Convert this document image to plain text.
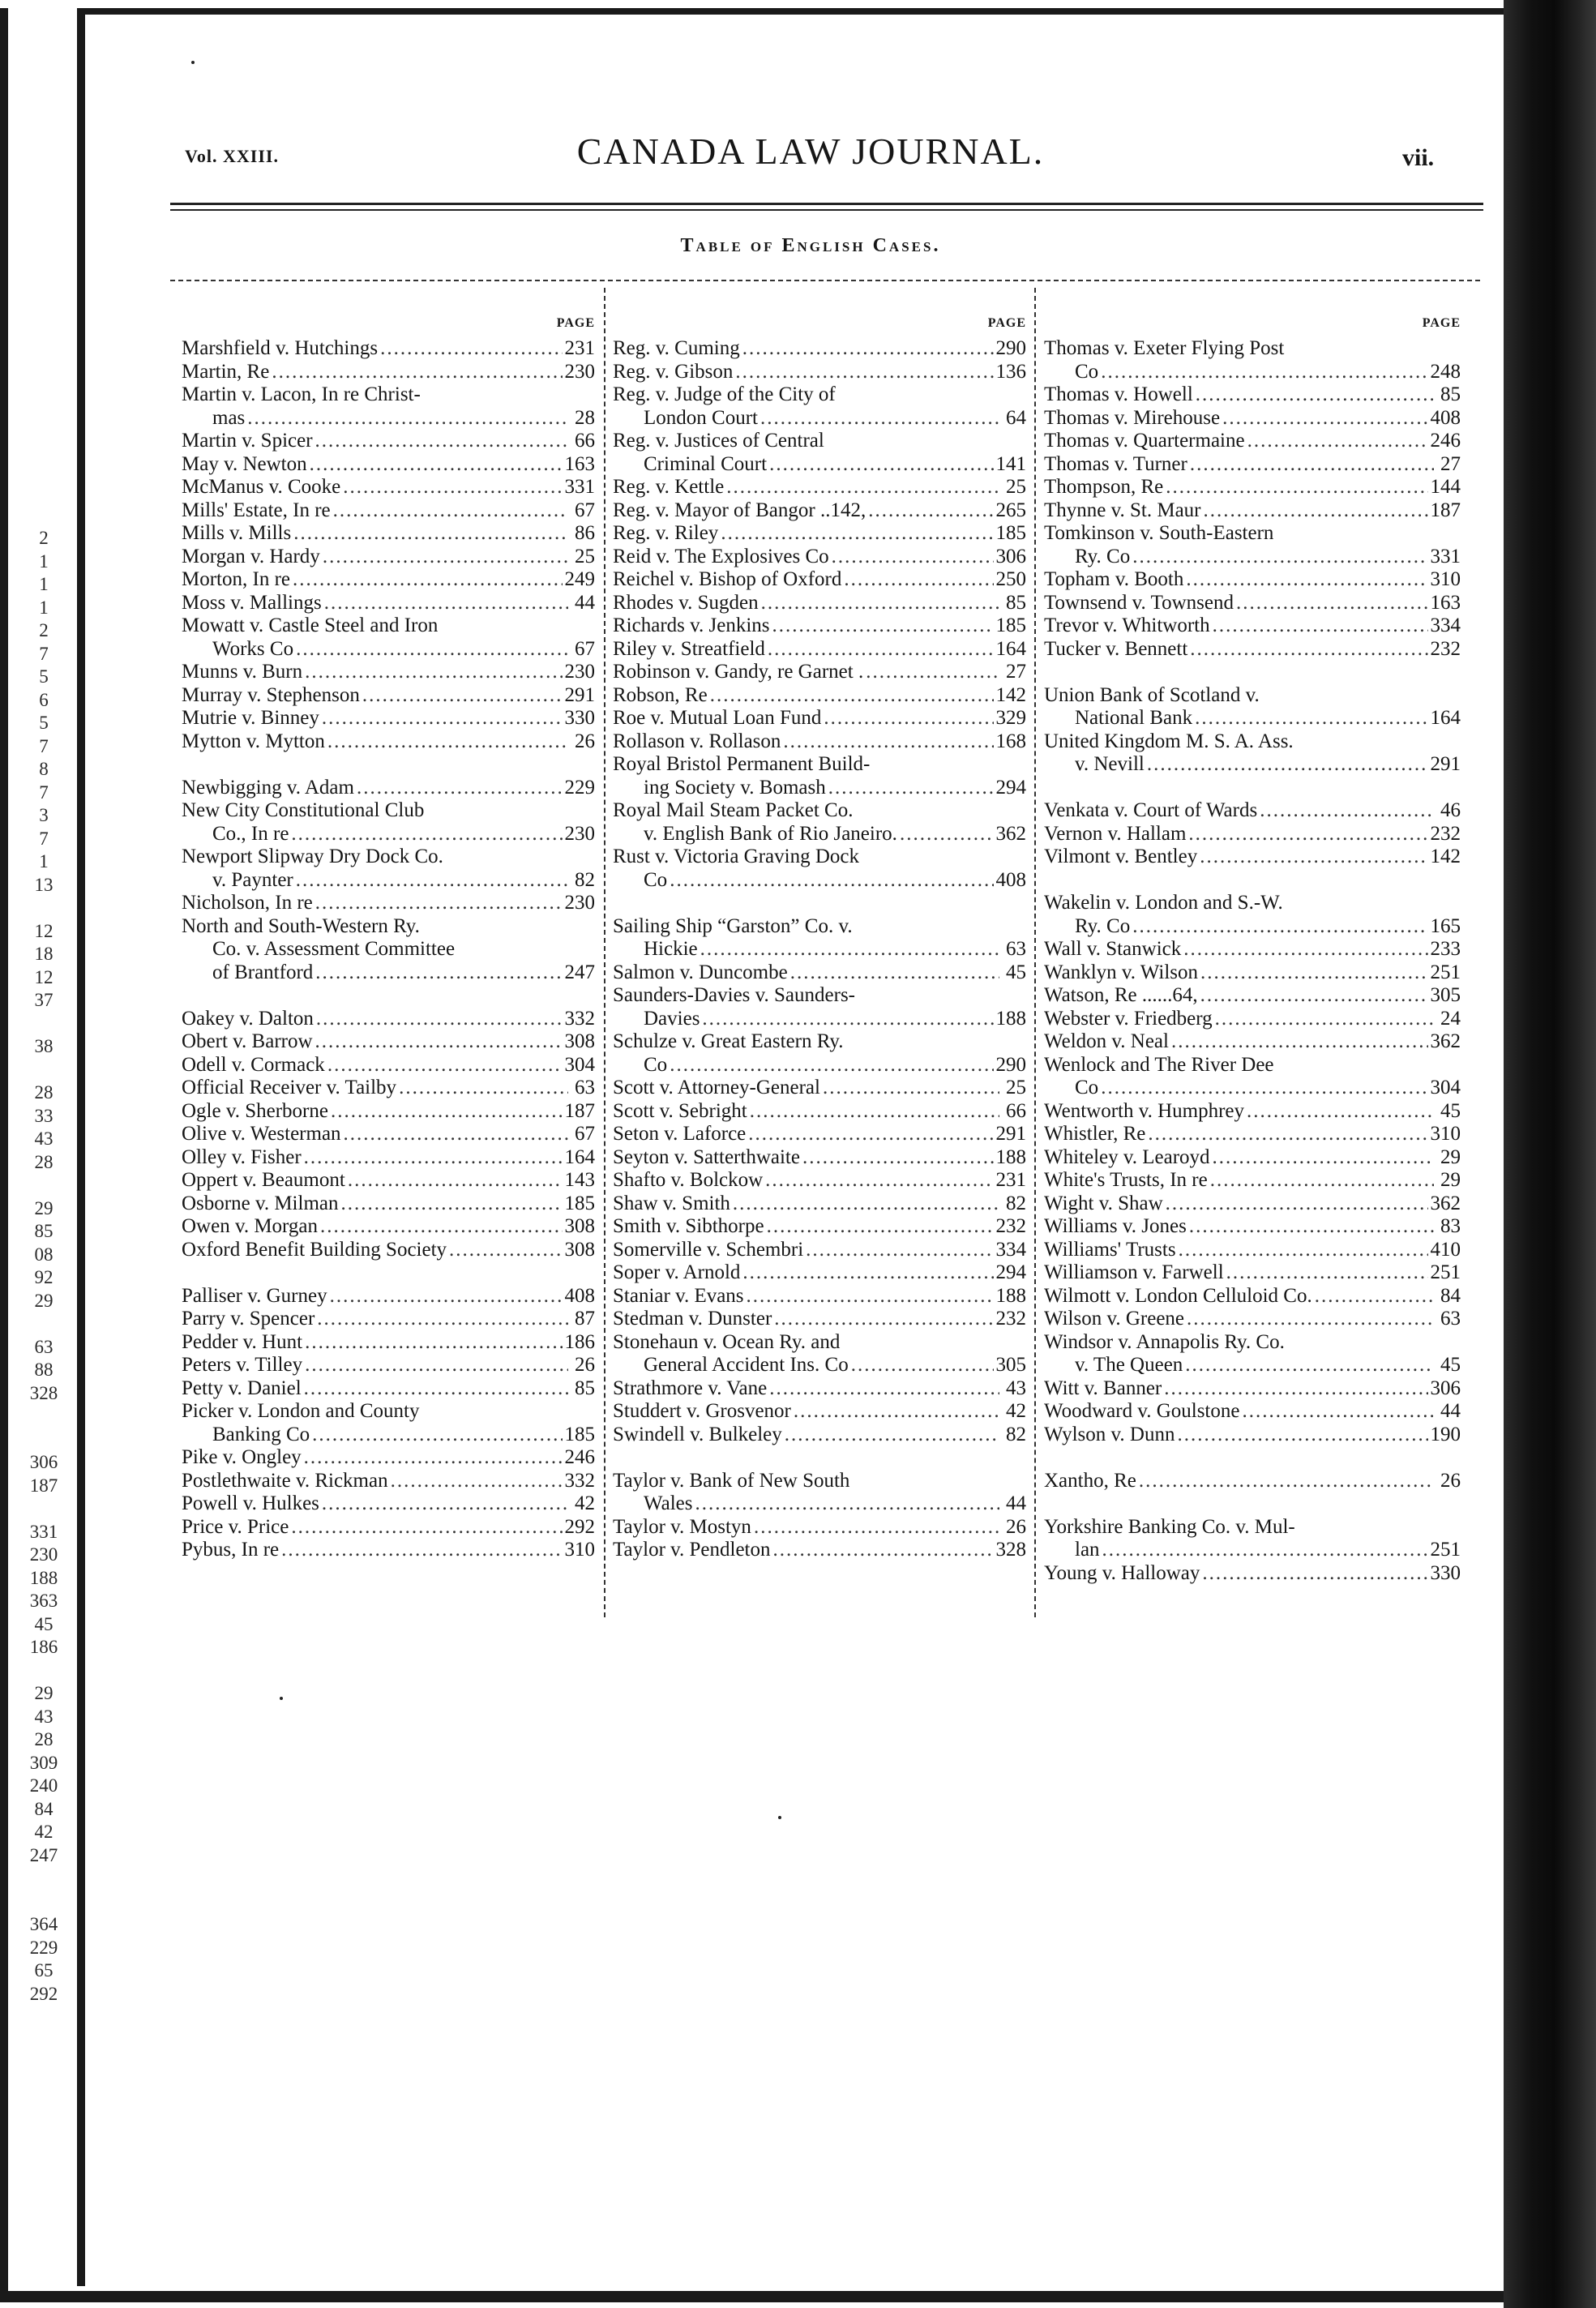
2
1
1
1
2
7
5
6
5
7
8
7
3
7
1
13
12
18
12
37
38
28
33
43
28
29
85
08
92
29
63
88
328
306
187
331
230
188
363
45
186
29
43
28
309
240
84
42
247
364
229
65
292
Vol. XXIII.	CANADA LAW JOURNAL.	vii.
Table of English Cases.
PAGE
Marshfield v. Hutchings .....	231
Martin, Re .....	230
Martin v. Lacon, In re Christ-
mas .....	28
Martin v. Spicer .....	66
May v. Newton .....	163
McManus v. Cooke .....	331
Mills' Estate, In re .....	67
Mills v. Mills .....	86
Morgan v. Hardy .....	25
Morton, In re .....	249
Moss v. Mallings .....	44
Mowatt v. Castle Steel and Iron
Works Co .....	67
Munns v. Burn .....	230
Murray v. Stephenson .....	291
Mutrie v. Binney .....	330
Mytton v. Mytton .....	26
Newbigging v. Adam .....	229
New City Constitutional Club
Co., In re .....	230
Newport Slipway Dry Dock Co.
v. Paynter .....	82
Nicholson, In re .....	230
North and South-Western Ry.
Co. v. Assessment Committee
of Brantford .....	247
Oakey v. Dalton .....	332
Obert v. Barrow .....	308
Odell v. Cormack .....	304
Official Receiver v. Tailby .....	63
Ogle v. Sherborne .....	187
Olive v. Westerman .....	67
Olley v. Fisher .....	164
Oppert v. Beaumont .....	143
Osborne v. Milman .....	185
Owen v. Morgan .....	308
Oxford Benefit Building Society .....	308
Palliser v. Gurney .....	408
Parry v. Spencer .....	87
Pedder v. Hunt .....	186
Peters v. Tilley .....	26
Petty v. Daniel .....	85
Picker v. London and County
Banking Co .....	185
Pike v. Ongley .....	246
Postlethwaite v. Rickman .....	332
Powell v. Hulkes .....	42
Price v. Price .....	292
Pybus, In re .....	310
PAGE
Reg. v. Cuming .....	290
Reg. v. Gibson .....	136
Reg. v. Judge of the City of
London Court .....	64
Reg. v. Justices of Central
Criminal Court .....	141
Reg. v. Kettle .....	25
Reg. v. Mayor of Bangor ..142, .....	265
Reg. v. Riley .....	185
Reid v. The Explosives Co .....	306
Reichel v. Bishop of Oxford .....	250
Rhodes v. Sugden .....	85
Richards v. Jenkins .....	185
Riley v. Streatfield .....	164
Robinson v. Gandy, re Garnet . .....	27
Robson, Re .....	142
Roe v. Mutual Loan Fund .....	329
Rollason v. Rollason .....	168
Royal Bristol Permanent Build-
ing Society v. Bomash .....	294
Royal Mail Steam Packet Co.
v. English Bank of Rio Janeiro. .....	362
Rust v. Victoria Graving Dock
Co .....	408
Sailing Ship “Garston” Co. v.
Hickie .....	63
Salmon v. Duncombe .....	45
Saunders-Davies v. Saunders-
Davies .....	188
Schulze v. Great Eastern Ry.
Co .....	290
Scott v. Attorney-General .....	25
Scott v. Sebright .....	66
Seton v. Laforce .....	291
Seyton v. Satterthwaite .....	188
Shafto v. Bolckow .....	231
Shaw v. Smith .....	82
Smith v. Sibthorpe .....	232
Somerville v. Schembri .....	334
Soper v. Arnold .....	294
Staniar v. Evans .....	188
Stedman v. Dunster .....	232
Stonehaun v. Ocean Ry. and
General Accident Ins. Co .....	305
Strathmore v. Vane .....	43
Studdert v. Grosvenor .....	42
Swindell v. Bulkeley .....	82
Taylor v. Bank of New South
Wales .....	44
Taylor v. Mostyn .....	26
Taylor v. Pendleton .....	328
PAGE
Thomas v. Exeter Flying Post
Co .....	248
Thomas v. Howell .....	85
Thomas v. Mirehouse .....	408
Thomas v. Quartermaine .....	246
Thomas v. Turner .....	27
Thompson, Re .....	144
Thynne v. St. Maur .....	187
Tomkinson v. South-Eastern
Ry. Co .....	331
Topham v. Booth .....	310
Townsend v. Townsend .....	163
Trevor v. Whitworth .....	334
Tucker v. Bennett .....	232
Union Bank of Scotland v.
National Bank .....	164
United Kingdom M. S. A. Ass.
v. Nevill .....	291
Venkata v. Court of Wards .....	46
Vernon v. Hallam .....	232
Vilmont v. Bentley .....	142
Wakelin v. London and S.-W.
Ry. Co .....	165
Wall v. Stanwick .....	233
Wanklyn v. Wilson .....	251
Watson, Re ......64, .....	305
Webster v. Friedberg .....	24
Weldon v. Neal .....	362
Wenlock and The River Dee
Co .....	304
Wentworth v. Humphrey .....	45
Whistler, Re .....	310
Whiteley v. Learoyd .....	29
White's Trusts, In re .....	29
Wight v. Shaw .....	362
Williams v. Jones .....	83
Williams' Trusts .....	410
Williamson v. Farwell .....	251
Wilmott v. London Celluloid Co. .....	84
Wilson v. Greene .....	63
Windsor v. Annapolis Ry. Co.
v. The Queen .....	45
Witt v. Banner .....	306
Woodward v. Goulstone .....	44
Wylson v. Dunn .....	190
Xantho, Re .....	26
Yorkshire Banking Co. v. Mul-
lan .....	251
Young v. Halloway .....	330
